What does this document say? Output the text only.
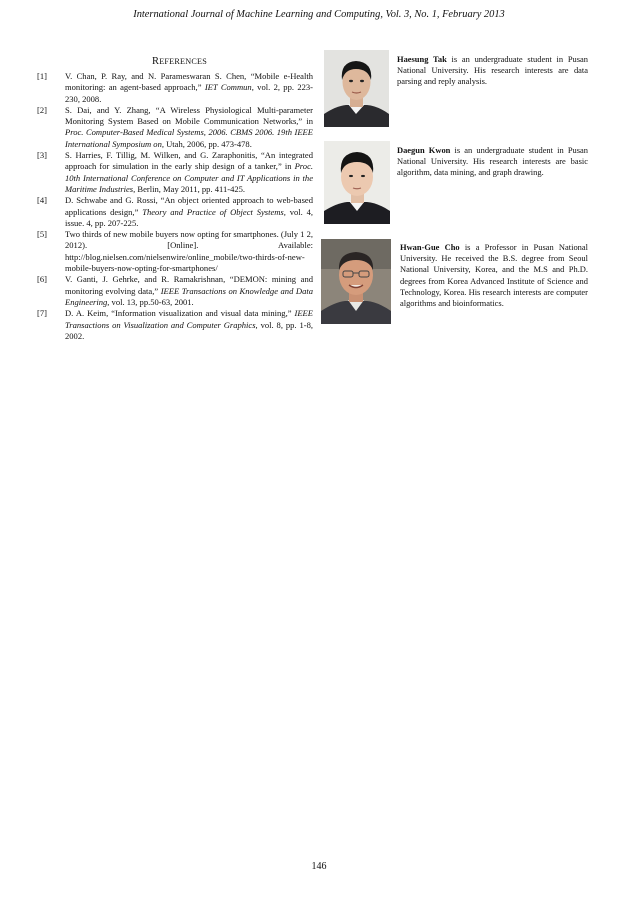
International Journal of Machine Learning and Computing, Vol. 3, No. 1, February 2013
REFERENCES
[1]	V. Chan, P. Ray, and N. Parameswaran S. Chen, “Mobile e-Health monitoring: an agent-based approach,” IET Commun, vol. 2, pp. 223-230, 2008.
[2]	S. Dai, and Y. Zhang, “A Wireless Physiological Multi-parameter Monitoring System Based on Mobile Communication Networks,” in Proc. Computer-Based Medical Systems, 2006. CBMS 2006. 19th IEEE International Symposium on, Utah, 2006, pp. 473-478.
[3]	S. Harries, F. Tillig, M. Wilken, and G. Zaraphonitis, “An integrated approach for simulation in the early ship design of a tanker,” in Proc. 10th International Conference on Computer and IT Applications in the Maritime Industries, Berlin, May 2011, pp. 411-425.
[4]	D. Schwabe and G. Rossi, “An object oriented approach to web-based applications design,” Theory and Practice of Object Systems, vol. 4, issue. 4, pp. 207-225.
[5]	Two thirds of new mobile buyers now opting for smartphones. (July 1 2, 2012). [Online]. Available: http://blog.nielsen.com/nielsenwire/online_mobile/two-thirds-of-new-mobile-buyers-now-opting-for-smartphones/
[6]	V. Ganti, J. Gehrke, and R. Ramakrishnan, “DEMON: mining and monitoring evolving data,” IEEE Transactions on Knowledge and Data Engineering, vol. 13, pp.50-63, 2001.
[7]	D. A. Keim, “Information visualization and visual data mining,” IEEE Transactions on Visualization and Computer Graphics, vol. 8, pp. 1-8, 2002.
Haesung Tak is an undergraduate student in Pusan National University. His research interests are data parsing and reply analysis.
Daegun Kwon is an undergraduate student in Pusan National University. His research interests are basic algorithm, data mining, and graph drawing.
Hwan-Gue Cho is a Professor in Pusan National University. He received the B.S. degree from Seoul National University, Korea, and the M.S and Ph.D. degrees from Korea Advanced Institute of Science and Technology, Korea. His research interests are computer algorithms and bioinformatics.
146
